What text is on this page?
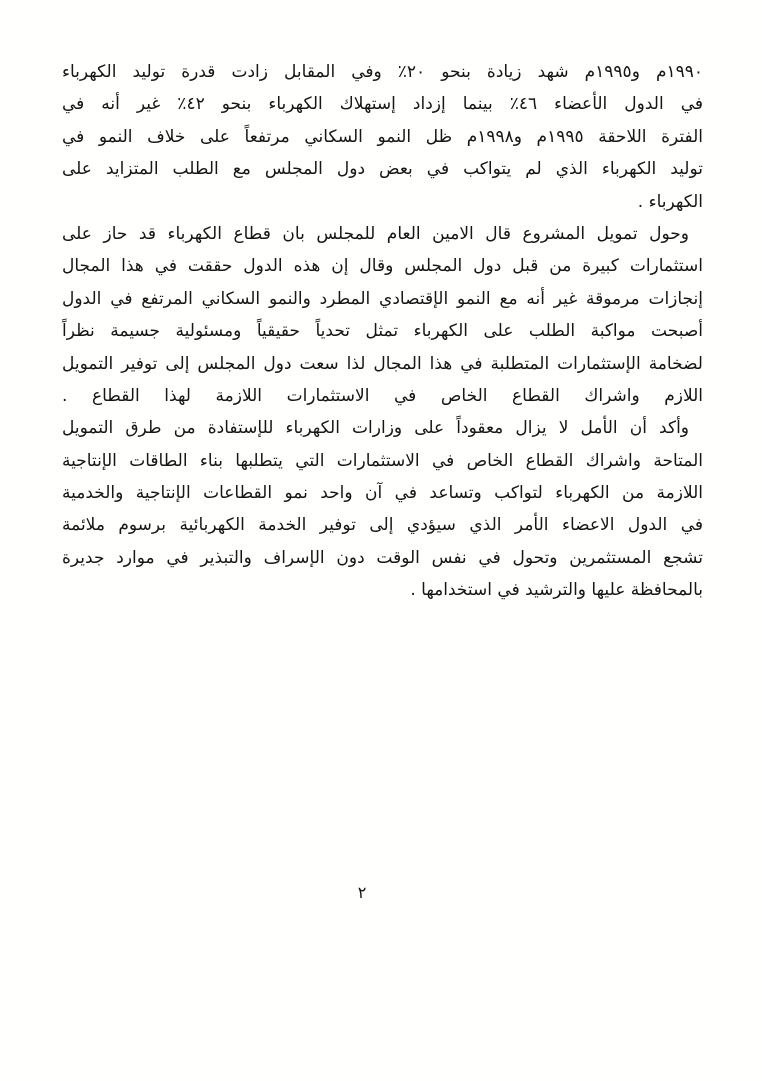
١٩٩٠م و١٩٩٥م شهد زيادة بنحو ٢٠٪ وفي المقابل زادت قدرة توليد الكهرباء
في الدول الأعضاء ٤٦٪ بينما إزداد إستهلاك الكهرباء بنحو ٤٢٪ غير أنه في
الفترة اللاحقة ١٩٩٥م و١٩٩٨م ظل النمو السكاني مرتفعاً على خلاف النمو في
توليد الكهرباء الذي لم يتواكب في بعض دول المجلس مع الطلب المتزايد على
الكهرباء .
وحول تمويل المشروع قال الامين العام للمجلس بان قطاع الكهرباء قد حاز على
استثمارات كبيرة من قبل دول المجلس وقال إن هذه الدول حققت في هذا المجال
إنجازات مرموقة غير أنه مع النمو الإقتصادي المطرد والنمو السكاني المرتفع في الدول
أصبحت مواكبة الطلب على الكهرباء تمثل تحدياً حقيقياً ومسئولية جسيمة نظراً
لضخامة الإستثمارات المتطلبة في هذا المجال لذا سعت دول المجلس إلى توفير التمويل
اللازم واشراك القطاع الخاص في الاستثمارات اللازمة لهذا القطاع .
وأكد أن الأمل لا يزال معقوداً على وزارات الكهرباء للإستفادة من طرق التمويل
المتاحة واشراك القطاع الخاص في الاستثمارات التي يتطلبها بناء الطاقات الإنتاجية
اللازمة من الكهرباء لتواكب وتساعد في آن واحد نمو القطاعات الإنتاجية والخدمية
في الدول الاعضاء الأمر الذي سيؤدي إلى توفير الخدمة الكهربائية برسوم ملائمة
تشجع المستثمرين وتحول في نفس الوقت دون الإسراف والتبذير في موارد جديرة
بالمحافظة عليها والترشيد في استخدامها .
٢
